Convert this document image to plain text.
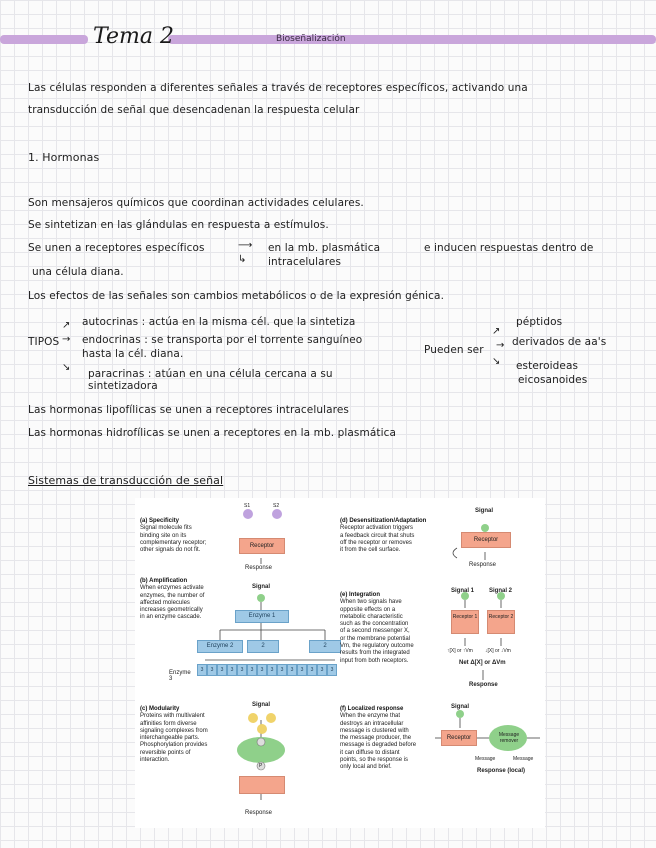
Tema 2	Bioseñalización
Las células responden a diferentes señales a través de receptores específicos, activando una
transducción de señal que desencadenan la respuesta celular
1. Hormonas
Son mensajeros químicos que coordinan actividades celulares.
Se sintetizan en las glándulas en respuesta a estímulos.
Se unen a receptores específicos	⟶
↳
en la mb. plasmática
intracelulares
e inducen respuestas dentro de
una célula diana.
Los efectos de las señales son cambios metabólicos o de la expresión génica.
TIPOS
↗
→
↘
autocrinas : actúa en la misma cél. que la sintetiza
endocrinas : se transporta por el torrente sanguíneo
hasta la cél. diana.
paracrinas : atúan en una célula cercana a su
sintetizadora
Pueden ser
↗
→
↘
péptidos
derivados de aa's
esteroideas
eicosanoides
Las hormonas lipofílicas se unen a receptores intracelulares
Las hormonas hidrofílicas se unen a receptores en la mb. plasmática
Sistemas de transducción de señal
(a) Specificity
Signal molecule fits
binding site on its
complementary receptor;
other signals do not fit.
S1	S2
Receptor
Response
(b) Amplification
When enzymes activate
enzymes, the number of
affected molecules
increases geometrically
in an enzyme cascade.
Signal
Enzyme 1
Enzyme 2	2	2
Enzyme 3
3	3	3	3	3	3	3	3	3	3	3	3	3	3
(c) Modularity
Proteins with multivalent
affinities form diverse
signaling complexes from
interchangeable parts.
Phosphorylation provides
reversible points of
interaction.
Signal
P
Response
(d) Desensitization/Adaptation
Receptor activation triggers
a feedback circuit that shuts
off the receptor or removes
it from the cell surface.
Signal
Receptor
Response
(e) Integration
When two signals have
opposite effects on a
metabolic characteristic
such as the concentration
of a second messenger X,
or the membrane potential
Vm, the regulatory outcome
results from the integrated
input from both receptors.
Signal 1 Signal 2
Receptor 1	Receptor 2
↑[X] or ↑Vm ↓[X] or ↓Vm
Net Δ[X] or ΔVm
Response
(f) Localized response
When the enzyme that
destroys an intracellular
message is clustered with
the message producer, the
message is degraded before
it can diffuse to distant
points, so the response is
only local and brief.
Signal
Receptor	Message remover
Message	Message
Response (local)
